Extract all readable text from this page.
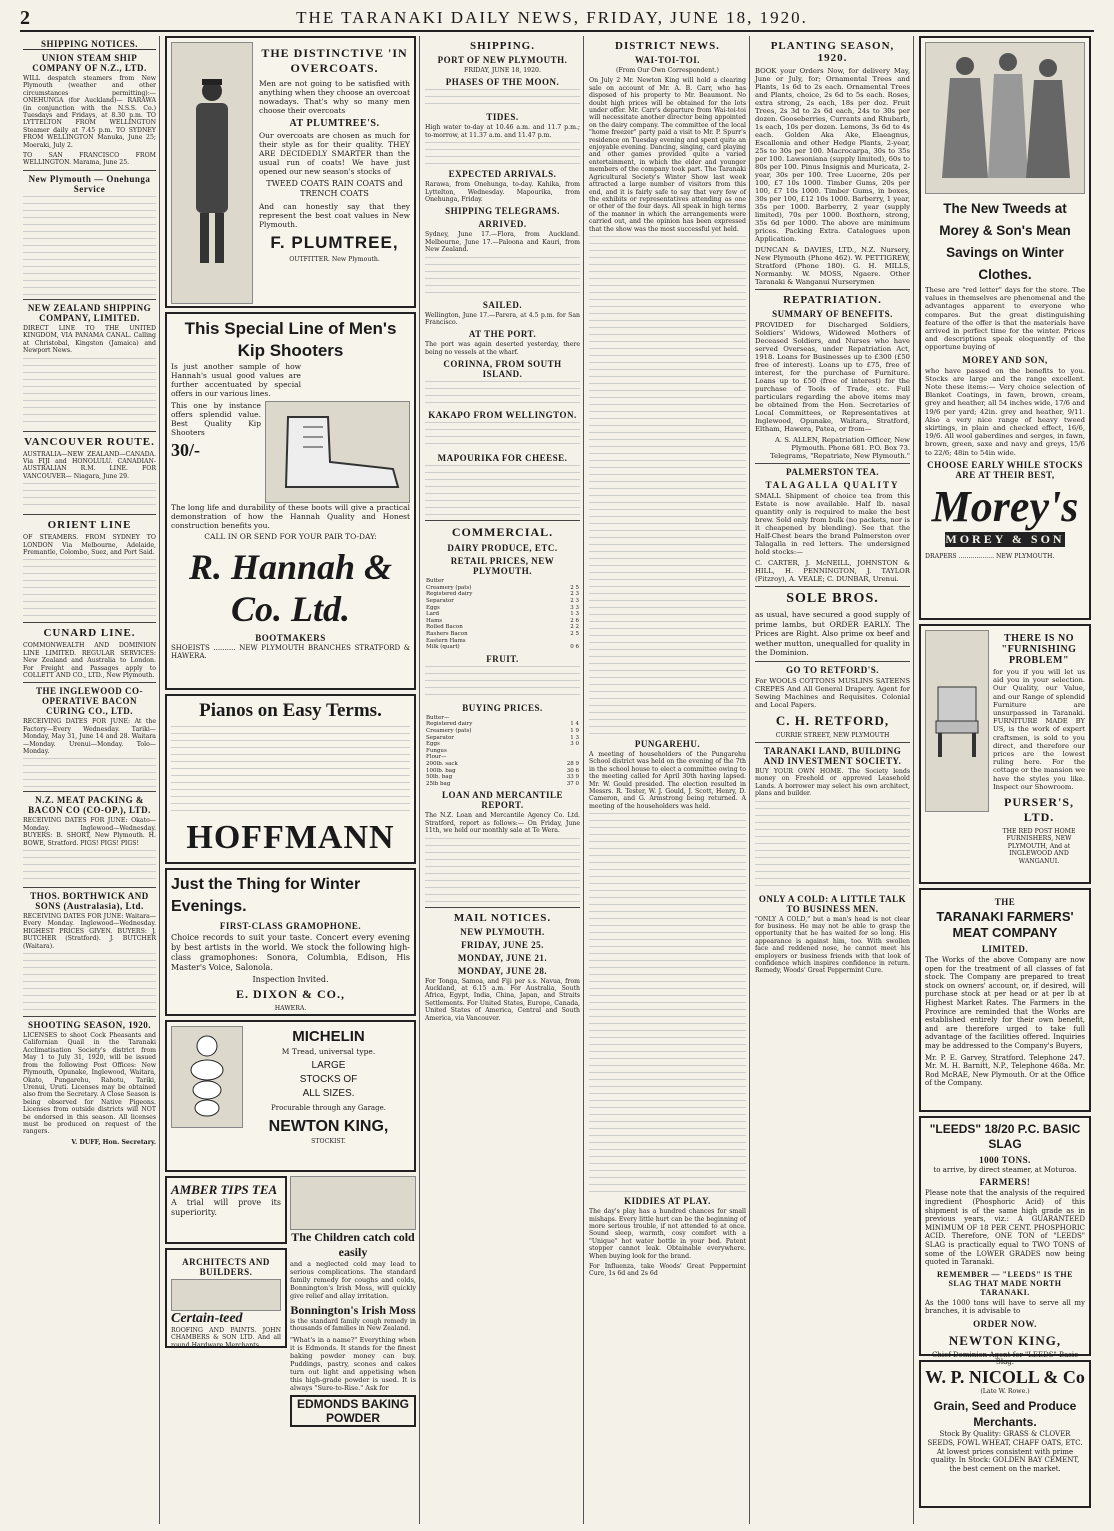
2	THE TARANAKI DAILY NEWS, FRIDAY, JUNE 18, 1920.
SHIPPING NOTICES.
UNION STEAM SHIP COMPANY OF N.Z., LTD.

WILL despatch steamers from New Plymouth (weather and other circumstances permitting):— ONEHUNGA (for Auckland)— RARAWA (in conjunction with the N.S.S. Co.) Tuesdays and Fridays, at 8.30 p.m. TO LYTTELTON FROM WELLINGTON Steamer daily at 7.45 p.m. TO SYDNEY FROM WELLINGTON Manuka, June 25; Moeraki, July 2.

TO SAN FRANCISCO FROM WELLINGTON. Marama, June 25.

New Plymouth — Onehunga Service
NEW ZEALAND SHIPPING COMPANY, LIMITED.

DIRECT LINE TO THE UNITED KINGDOM, VIA PANAMA CANAL. Calling at Christobal, Kingston (Jamaica) and Newport News.

VANCOUVER ROUTE.

AUSTRALIA—NEW ZEALAND—CANADA. Via FIJI and HONOLULU. CANADIAN-AUSTRALIAN R.M. LINE. FOR VANCOUVER— Niagara, June 29.

ORIENT LINE

OF STEAMERS. FROM SYDNEY TO LONDON Via Melbourne, Adelaide, Fremantle, Colombo, Suez, and Port Said.

CUNARD LINE.

COMMONWEALTH AND DOMINION LINE LIMITED. REGULAR SERVICES: New Zealand and Australia to London. For Freight and Passages apply to COLLETT AND CO., LTD., New Plymouth.

THE INGLEWOOD CO-OPERATIVE BACON CURING CO., LTD.

RECEIVING DATES FOR JUNE: At the Factory—Every Wednesday. Tariki—Monday, May 31, June 14 and 28. Waitara—Monday. Urenui—Monday. Tolo—Monday.

N.Z. MEAT PACKING & BACON CO (CO-OP.), LTD.

RECEIVING DATES FOR JUNE: Okato—Monday. Inglewood—Wednesday. BUYERS: B. SHORT, New Plymouth. H. BOWE, Stratford. PIGS! PIGS! PIGS!

THOS. BORTHWICK AND SONS (Australasia), Ltd.

RECEIVING DATES FOR JUNE: Waitara—Every Monday. Inglewood—Wednesday. HIGHEST PRICES GIVEN. BUYERS: J. BUTCHER (Stratford). J. BUTCHER (Waitara).

SHOOTING SEASON, 1920.

LICENSES to shoot Cock Pheasants and Californian Quail in the Taranaki Acclimatisation Society's district from May 1 to July 31, 1920, will be issued from the following Post Offices: New Plymouth, Opunake, Inglewood, Waitara, Okato, Pungarehu, Rahotu, Tariki, Urenui, Uruti. Licenses may be obtained also from the Secretary. A Close Season is being observed for Native Pigeons. Licenses from outside districts will NOT be endorsed in this season. All licenses must be produced on request of the rangers.

V. DUFF, Hon. Secretary.

THE DISTINCTIVE 'IN OVERCOATS.

Men are not going to be satisfied with anything when they choose an overcoat nowadays. That's why so many men choose their overcoats

AT PLUMTREE'S.

Our overcoats are chosen as much for their style as for their quality. THEY ARE DECIDEDLY SMARTER than the usual run of coats! We have just opened our new season's stocks of

TWEED COATS RAIN COATS and TRENCH COATS

And can honestly say that they represent the best coat values in New Plymouth.

F. PLUMTREE,
OUTFITTER. New Plymouth.
This Special Line of Men's Kip Shooters

Is just another sample of how Hannah's usual good values are further accentuated by special offers in our various lines.

This one by instance offers splendid value. Best Quality Kip Shooters

30/-

The long life and durability of these boots will give a practical demonstration of how the Hannah Quality and Honest construction benefits you.

CALL IN OR SEND FOR YOUR PAIR TO-DAY:
R. Hannah & Co. Ltd.
BOOTMAKERS

SHOEISTS .......... NEW PLYMOUTH BRANCHES STRATFORD & HAWERA.

Pianos on Easy Terms.
HOFFMANN
Just the Thing for Winter Evenings.
FIRST-CLASS GRAMOPHONE.

Choice records to suit your taste. Concert every evening by best artists in the world. We stock the following high-class gramophones: Sonora, Columbia, Edison, His Master's Voice, Salonola.

Inspection Invited.
E. DIXON & CO.,
HAWERA.
MICHELIN
M Tread, universal type.
LARGE STOCKS OF ALL SIZES.
Procurable through any Garage.
NEWTON KING,
STOCKIST.
AMBER TIPS TEA
A trial will prove its superiority.
ARCHITECTS AND BUILDERS.
Certain-teed

ROOFING AND PAINTS. JOHN CHAMBERS & SON LTD. And all round Hardware Merchants.

The Children catch cold easily

and a neglected cold may lead to serious complications. The standard family remedy for coughs and colds, Bonnington's Irish Moss, will quickly give relief and allay irritation.

Bonnington's Irish Moss

is the standard family cough remedy in thousands of families in New Zealand.

"What's in a name?" Everything when it is Edmonds. It stands for the finest baking powder money can buy. Puddings, pastry, scones and cakes turn out light and appetising when this high-grade powder is used. It is always "Sure-to-Rise." Ask for

EDMONDS BAKING POWDER
SHIPPING.
PORT OF NEW PLYMOUTH.
FRIDAY, JUNE 18, 1920.
PHASES OF THE MOON.
TIDES.

High water to-day at 10.46 a.m. and 11.7 p.m.; to-morrow, at 11.37 a.m. and 11.47 p.m.

EXPECTED ARRIVALS.

Rarawa, from Onehunga, to-day. Kahika, from Lyttelton, Wednesday. Mapourika, from Onehunga, Friday.

SHIPPING TELEGRAMS.
ARRIVED.

Sydney, June 17.—Flora, from Auckland. Melbourne, June 17.—Paloona and Kauri, from New Zealand.

SAILED.

Wellington, June 17.—Parera, at 4.5 p.m. for San Francisco.

AT THE PORT.

The port was again deserted yesterday, there being no vessels at the wharf.

CORINNA, FROM SOUTH ISLAND.
KAKAPO FROM WELLINGTON.
MAPOURIKA FOR CHEESE.
COMMERCIAL.
DAIRY PRODUCE, ETC.
RETAIL PRICES, NEW PLYMOUTH.
Butter	
Creamery (pats)	2 5
Registered dairy	2 3
Separator	2 3
Eggs	3 3
Lard	1 3
Hams	2 6
Rolled Bacon	2 2
Rashers Bacon	2 5
Eastern Hams	
Milk (quart)	0 6
FRUIT.
BUYING PRICES.
Butter—	
Registered dairy	1 4
Creamery (pats)	1 9
Separator	1 3
Eggs	3 0
Fungus	
Flour—	
200lb. sack	28 9
100lb. bag	30 6
50lb. bag	33 9
25lb bag	37 0
LOAN AND MERCANTILE REPORT.

The N.Z. Loan and Mercantile Agency Co. Ltd. Stratford, report as follows:— On Friday, June 11th, we held our monthly sale at Te Wera.

MAIL NOTICES.
NEW PLYMOUTH.
FRIDAY, JUNE 25.
MONDAY, JUNE 21.
MONDAY, JUNE 28.

For Tonga, Samoa, and Fiji per s.s. Navua, from Auckland, at 6.15 a.m. For Australia, South Africa, Egypt, India, China, Japan, and Straits Settlements. For United States, Europe, Canada, United States of America, Central and South America, via Vancouver.

DISTRICT NEWS.
WAI-TOI-TOI.
(From Our Own Correspondent.)

On July 2 Mr. Newton King will hold a clearing sale on account of Mr. A. B. Carr, who has disposed of his property to Mr. Beaumont. No doubt high prices will be obtained for the lots under offer. Mr. Carr's departure from Wai-toi-toi will necessitate another director being appointed on the dairy company. The committee of the local "home freezer" party paid a visit to Mr. P. Spurr's residence on Tuesday evening and spent quite an enjoyable evening. Dancing, singing, card playing and other games provided quite a varied entertainment, in which the elder and younger members of the company took part. The Taranaki Agricultural Society's Winter Show last week attracted a large number of visitors from this end, and it is fairly safe to say that very few of the exhibits or representatives attending as one or other of the four days. All speak in high terms of the manner in which the arrangements were carried out, and the opinion has been expressed that the show was the most successful yet held.

PUNGAREHU.

A meeting of householders of the Pungarehu School district was held on the evening of the 7th in the school house to elect a committee owing to the meeting called for April 30th having lapsed. Mr. W. Gould presided. The election resulted in Messrs. R. Tester, W. J. Gould, J. Scott, Henry, D. Cameron, and G. Armstrong being returned. A meeting of the householders was held.

KIDDIES AT PLAY.

The day's play has a hundred chances for small mishaps. Every little hurt can be the beginning of more serious trouble, if not attended to at once. Sound sleep, warmth, cosy comfort with a "Unique" hot water bottle in your bed. Patent stopper cannot leak. Obtainable everywhere. When buying look for the brand.

For Influenza, take Woods' Great Peppermint Cure, 1s 6d and 2s 6d

PLANTING SEASON, 1920.

BOOK your Orders Now, for delivery May, June or July, for; Ornamental Trees and Plants, 1s 6d to 2s each. Ornamental Trees and Plants, choice, 2s 6d to 5s each. Roses, extra strong, 2s each, 18s per doz. Fruit Trees, 2s 3d to 2s 6d each, 24s to 30s per dozen. Gooseberries, Currants and Rhubarb, 1s each, 10s per dozen. Lemons, 3s 6d to 4s each. Golden Aka Ake, Elaeagnus, Escallonia and other Hedge Plants, 2-year, 25s to 30s per 100. Macrocarpa, 30s to 35s per 100. Lawsoniana (supply limited), 60s to 80s per 100. Pinus Insignis and Muricata, 2-year, 30s per 100. Tree Lucerne, 20s per 100, £7 10s 1000. Timber Gums, 20s per 100, £7 10s 1000. Timber Gums, in boxes, 30s per 100, £12 10s 1000. Barberry, 1 year, 35s per 1000. Barberry, 2 year (supply limited), 70s per 1000. Boxthorn, strong, 35s 6d per 1000. The above are minimum prices. Packing Extra. Catalogues upon Application.

DUNCAN & DAVIES, LTD., N.Z. Nursery, New Plymouth (Phone 462). W. PETTIGREW, Stratford (Phone 180). G. H. MILLS, Normanby. W. MOSS, Ngaere. Other Taranaki & Wanganui Nurserymen

REPATRIATION.
SUMMARY OF BENEFITS.

PROVIDED for Discharged Soldiers, Soldiers' Widows, Widowed Mothers of Deceased Soldiers, and Nurses who have served Overseas, under Repatriation Act, 1918. Loans for Businesses up to £300 (£50 free of interest). Loans up to £75, free of interest, for the purchase of Furniture. Loans up to £50 (free of interest) for the purchase of Tools of Trade, etc. Full particulars regarding the above items may be obtained from the Hon. Secretaries of Local Committees, or Representatives at Inglewood, Opunake, Waitara, Stratford, Eltham, Hawera, Patea, or from—

A. S. ALLEN, Repatriation Officer, New Plymouth. Phone 681. P.O. Box 73. Telegrams, "Repatriate, New Plymouth."

PALMERSTON TEA.
TALAGALLA QUALITY

SMALL Shipment of choice tea from this Estate is now available. Half lb. nasal quantity only is required to make the best brew. Sold only from bulk (no packets, nor is it cheapened by blending). See that the Half-Chest bears the brand Palmerston over Talagalla in red letters. The undersigned hold stocks:—

C. CARTER, J. McNEILL, JOHNSTON & HILL, H. PENNINGTON, J. TAYLOR (Fitzroy), A. VEALE; C. DUNBAR, Urenui.

SOLE BROS.

as usual, have secured a good supply of prime lambs, but ORDER EARLY. The Prices are Right. Also prime ox beef and wether mutton, unequalled for quality in the Dominion.

GO TO RETFORD'S.

For WOOLS COTTONS MUSLINS SATEENS CREPES And All General Drapery. Agent for Sewing Machines and Requisites. Colonial and Local Papers.

C. H. RETFORD,
CURRIE STREET, NEW PLYMOUTH
TARANAKI LAND, BUILDING AND INVESTMENT SOCIETY.

BUY YOUR OWN HOME. The Society lends money on Freehold or approved Leasehold Lands. A borrower may select his own architect, plans and builder.

ONLY A COLD: A LITTLE TALK TO BUSINESS MEN.

"ONLY A COLD," but a man's head is not clear for business. He may not be able to grasp the opportunity that he has waited for so long. His appearance is against him, too. With swollen face and reddened nose, he cannot meet his employers or business friends with that look of confidence which inspires confidence in return. Remedy, Woods' Great Peppermint Cure.

The New Tweeds at Morey & Son's Mean Savings on Winter Clothes.

These are "red letter" days for the store. The values in themselves are phenomenal and the advantages apparent to everyone who compares. But the great distinguishing feature of the offer is that the materials have arrived in perfect time for the winter. Prices and descriptions speak eloquently of the opportune buying of

MOREY AND SON,

who have passed on the benefits to you. Stocks are large and the range excellent. Note these items:— Very choice selection of Blanket Coatings, in fawn, brown, cream, grey and heather, all 54 inches wide, 17/6 and 19/6 per yard; 42in. grey and heather, 9/11. Also a very nice range of heavy tweed skirtings, in plain and checked effect, 16/6, 19/6. All wool gaberdines and serges, in fawn, brown, green, saxe and navy and greys, 15/6 to 22/6; 48in to 54in wide.

CHOOSE EARLY WHILE STOCKS ARE AT THEIR BEST,
Morey's
MOREY & SON
DRAPERS .................. NEW PLYMOUTH.
THERE IS NO "FURNISHING PROBLEM"

for you if you will let us aid you in your selection. Our Quality, our Value, and our Range of splendid Furniture are unsurpassed in Taranaki. FURNITURE MADE BY US, is the work of expert craftsmen, is sold to you direct, and therefore our prices are the lowest ruling here. For the cottage or the mansion we have the styles you like. Inspect our Showroom.

PURSER'S, LTD.

THE RED POST HOME FURNISHERS, NEW PLYMOUTH, And at INGLEWOOD AND WANGANUI.

THE
TARANAKI FARMERS' MEAT COMPANY
LIMITED.

The Works of the above Company are now open for the treatment of all classes of fat stock. The Company are prepared to treat stock on owners' account, or, if desired, will purchase stock at per head or at per lb at Highest Market Rates. The Farmers in the Province are reminded that the Works are established entirely for their own benefit, and are therefore urged to take full advantage of the facilities offered. Inquiries may be addressed to the Company's Buyers,

Mr. P. E. Garvey, Stratford. Telephone 247. Mr. M. H. Barnitt, N.P., Telephone 468a. Mr. Rod McRAE, New Plymouth. Or at the Office of the Company.

"LEEDS" 18/20 P.C. BASIC SLAG
1000 TONS.
to arrive, by direct steamer, at Moturoa.
FARMERS!

Please note that the analysis of the required ingredient (Phosphoric Acid) of this shipment is of the same high grade as in previous years, viz.: A GUARANTEED MINIMUM OF 18 PER CENT. PHOSPHORIC ACID. Therefore, ONE TON of "LEEDS" SLAG is practically equal to TWO TONS of some of the LOWER GRADES now being quoted in Taranaki.

REMEMBER — "LEEDS" IS THE SLAG THAT MADE NORTH TARANAKI.

As the 1000 tons will have to serve all my branches, it is advisable to

ORDER NOW.
NEWTON KING,
Chief Dominion Agent for "LEEDS" Basic Slag.
W. P. NICOLL & Co
(Late W. Rowe.)
Grain, Seed and Produce Merchants.

Stock By Quality: GRASS & CLOVER SEEDS, FOWL WHEAT, CHAFF OATS, ETC. At lowest prices consistent with prime quality. In Stock: GOLDEN BAY CEMENT, the best cement on the market.
